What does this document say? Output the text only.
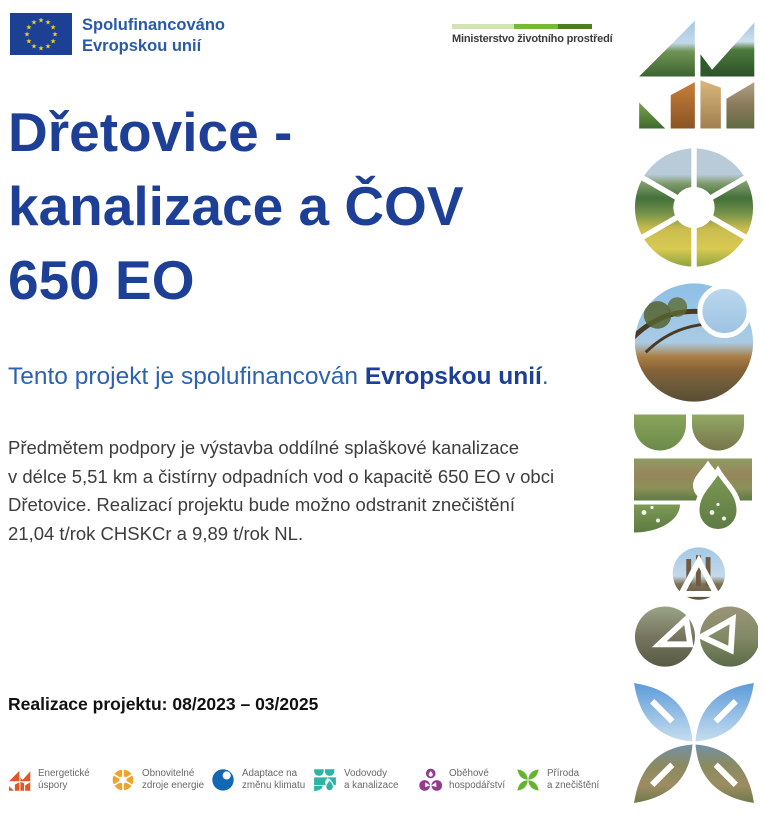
★
★
★
★
★
★
★
★
★ ★ ★
★ Spolufinancováno
Evropskou unií	Ministerstvo životního prostředí
Dřetovice -
kanalizace a ČOV
650 EO

Tento projekt je spolufinancován Evropskou unií.

Předmětem podpory je výstavba oddílné splaškové kanalizace
v délce 5,51 km a čistírny odpadních vod o kapacitě 650 EO v obci
Dřetovice. Realizací projektu bude možno odstranit znečištění
21,04 t/rok CHSKCr a 9,89 t/rok NL.
Realizace projektu: 08/2023 – 03/2025
Energetické
úspory
Obnovitelné
zdroje energie
Adaptace na
změnu klimatu
Vodovody
a kanalizace
Oběhové
hospodářství
Příroda
a znečištění
